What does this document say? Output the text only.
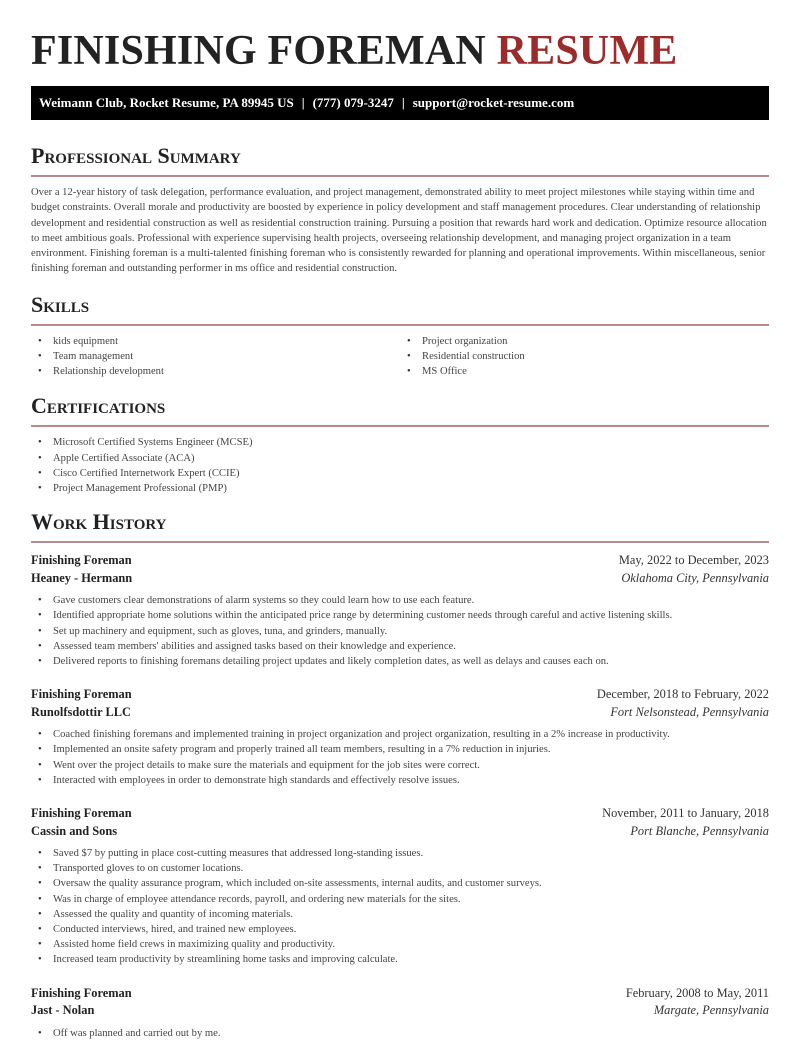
FINISHING FOREMAN RESUME
Weimann Club, Rocket Resume, PA 89945 US | (777) 079-3247 | support@rocket-resume.com
Professional Summary

Over a 12-year history of task delegation, performance evaluation, and project management, demonstrated ability to meet project milestones while staying within time and budget constraints. Overall morale and productivity are boosted by experience in policy development and staff management procedures. Clear understanding of relationship development and residential construction as well as residential construction training. Pursuing a position that rewards hard work and dedication. Optimize resource allocation to meet ambitious goals. Professional with experience supervising health projects, overseeing relationship development, and managing project organization in a team environment. Finishing foreman is a multi-talented finishing foreman who is consistently rewarded for planning and operational improvements. Within miscellaneous, senior finishing foreman and outstanding performer in ms office and residential construction.

Skills
• kids equipment
• Team management
• Relationship development
• Project organization
• Residential construction
• MS Office
Certifications
• Microsoft Certified Systems Engineer (MCSE)
• Apple Certified Associate (ACA)
• Cisco Certified Internetwork Expert (CCIE)
• Project Management Professional (PMP)
Work History
Finishing Foreman	May, 2022 to December, 2023
Heaney - Hermann	Oklahoma City, Pennsylvania
• Gave customers clear demonstrations of alarm systems so they could learn how to use each feature.
• Identified appropriate home solutions within the anticipated price range by determining customer needs through careful and active listening skills.
• Set up machinery and equipment, such as gloves, tuna, and grinders, manually.
• Assessed team members' abilities and assigned tasks based on their knowledge and experience.
• Delivered reports to finishing foremans detailing project updates and likely completion dates, as well as delays and causes each on.
Finishing Foreman	December, 2018 to February, 2022
Runolfsdottir LLC	Fort Nelsonstead, Pennsylvania
• Coached finishing foremans and implemented training in project organization and project organization, resulting in a 2% increase in productivity.
• Implemented an onsite safety program and properly trained all team members, resulting in a 7% reduction in injuries.
• Went over the project details to make sure the materials and equipment for the job sites were correct.
• Interacted with employees in order to demonstrate high standards and effectively resolve issues.
Finishing Foreman	November, 2011 to January, 2018
Cassin and Sons	Port Blanche, Pennsylvania
• Saved $7 by putting in place cost-cutting measures that addressed long-standing issues.
• Transported gloves to on customer locations.
• Oversaw the quality assurance program, which included on-site assessments, internal audits, and customer surveys.
• Was in charge of employee attendance records, payroll, and ordering new materials for the sites.
• Assessed the quality and quantity of incoming materials.
• Conducted interviews, hired, and trained new employees.
• Assisted home field crews in maximizing quality and productivity.
• Increased team productivity by streamlining home tasks and improving calculate.
Finishing Foreman	February, 2008 to May, 2011
Jast - Nolan	Margate, Pennsylvania
• Off was planned and carried out by me.
